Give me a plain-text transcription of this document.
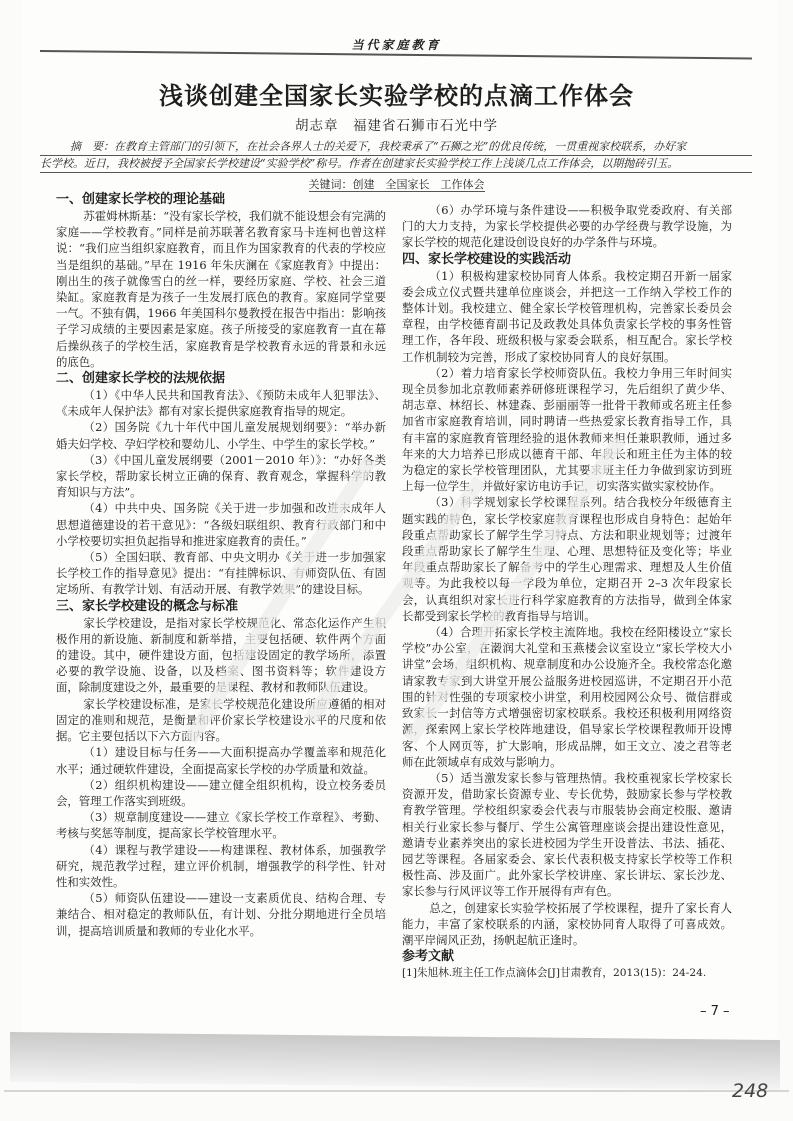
当代家庭教育
浅谈创建全国家长实验学校的点滴工作体会
胡志章　福建省石狮市石光中学
摘　要：在教育主管部门的引领下，在社会各界人士的关爱下，我校秉承了“石狮之光”的优良传统，一贯重视家校联系，办好家
长学校。近日，我校被授予全国家长学校建设“实验学校”称号。作者在创建家长实验学校工作上浅谈几点工作体会，以期抛砖引玉。
关键词：创建　全国家长　工作体会

一、创建家长学校的理论基础

苏霍姆林斯基：“没有家长学校，我们就不能设想会有完满的家庭——学校教育。”同样是前苏联著名教育家马卡连柯也曾这样说：“我们应当组织家庭教育，而且作为国家教育的代表的学校应当是组织的基础。”早在 1916 年朱庆澜在《家庭教育》中提出：刚出生的孩子就像雪白的丝一样，要经历家庭、学校、社会三道染缸。家庭教育是为孩子一生发展打底色的教育。家庭同学堂要一气。不独有偶，1966 年美国科尔曼教授在报告中指出：影响孩子学习成绩的主要因素是家庭。孩子所接受的家庭教育一直在幕后操纵孩子的学校生活，家庭教育是学校教育永远的背景和永远的底色。

二、创建家长学校的法规依据

（1）《中华人民共和国教育法》、《预防未成年人犯罪法》、《未成年人保护法》都有对家长提供家庭教育指导的规定。

（2）国务院《九十年代中国儿童发展规划纲要》：“举办新婚夫妇学校、孕妇学校和婴幼儿、小学生、中学生的家长学校。”

（3）《中国儿童发展纲要（2001－2010 年）》：“办好各类家长学校，帮助家长树立正确的保育、教育观念，掌握科学的教育知识与方法”。

（4）中共中央、国务院《关于进一步加强和改进未成年人思想道德建设的若干意见》：“各级妇联组织、教育行政部门和中小学校要切实担负起指导和推进家庭教育的责任。”

（5）全国妇联、教育部、中央文明办《关于进一步加强家长学校工作的指导意见》提出：“有挂牌标识、有师资队伍、有固定场所、有教学计划、有活动开展、有教学效果”的建设目标。

三、家长学校建设的概念与标准

家长学校建设，是指对家长学校规范化、常态化运作产生积极作用的新设施、新制度和新举措，主要包括硬、软件两个方面的建设。其中，硬件建设方面，包括建设固定的教学场所，添置必要的教学设施、设备，以及档案、图书资料等；软件建设方面，除制度建设之外，最重要的是课程、教材和教师队伍建设。

家长学校建设标准，是家长学校规范化建设所应遵循的相对固定的准则和规范，是衡量和评价家长学校建设水平的尺度和依据。它主要包括以下六方面内容。

（1）建设目标与任务——大面积提高办学覆盖率和规范化水平；通过硬软件建设，全面提高家长学校的办学质量和效益。

（2）组织机构建设——建立健全组织机构，设立校务委员会，管理工作落实到班级。

（3）规章制度建设——建立《家长学校工作章程》、考勤、考核与奖惩等制度，提高家长学校管理水平。

（4）课程与教学建设——构建课程、教材体系，加强教学研究，规范教学过程，建立评价机制，增强教学的科学性、针对性和实效性。

（5）师资队伍建设——建设一支素质优良、结构合理、专兼结合、相对稳定的教师队伍，有计划、分批分期地进行全员培训，提高培训质量和教师的专业化水平。

（6）办学环境与条件建设——积极争取党委政府、有关部门的大力支持，为家长学校提供必要的办学经费与教学设施，为家长学校的规范化建设创设良好的办学条件与环境。

四、家长学校建设的实践活动

（1）积极构建家校协同育人体系。我校定期召开新一届家委会成立仪式暨共建单位座谈会，并把这一工作纳入学校工作的整体计划。我校建立、健全家长学校管理机构，完善家长委员会章程，由学校德育副书记及政教处具体负责家长学校的事务性管理工作，各年段、班级积极与家委会联系，相互配合。家长学校工作机制较为完善，形成了家校协同育人的良好氛围。

（2）着力培育家长学校师资队伍。我校力争用三年时间实现全员参加北京教师素养研修班课程学习，先后组织了黄少华、胡志章、林绍长、林建森、彭丽丽等一批骨干教师或名班主任参加省市家庭教育培训，同时聘请一些热爱家长教育指导工作，具有丰富的家庭教育管理经验的退休教师来担任兼职教师，通过多年来的大力培养已形成以德育干部、年段长和班主任为主体的较为稳定的家长学校管理团队，尤其要求班主任力争做到家访到班上每一位学生，并做好家访电访手记，切实落实做实家校协作。

（3）科学规划家长学校课程系列。结合我校分年级德育主题实践的特色，家长学校家庭教育课程也形成自身特色：起始年段重点帮助家长了解学生学习特点、方法和职业规划等；过渡年段重点帮助家长了解学生生理、心理、思想特征及变化等；毕业年段重点帮助家长了解备考中的学生心理需求、理想及人生价值观等。为此我校以每一学段为单位，定期召开 2–3 次年段家长会，认真组织对家长进行科学家庭教育的方法指导，做到全体家长都受到家长学校的教育指导与培训。

（4）合理开拓家长学校主流阵地。我校在经阳楼设立“家长学校”办公室，在濲润大礼堂和玉燕楼会议室设立“家长学校大小讲堂”会场，组织机构、规章制度和办公设施齐全。我校常态化邀请家教专家到大讲堂开展公益服务进校园巡讲，不定期召开小范围的针对性强的专项家校小讲堂，利用校园网公众号、微信群或致家长一封信等方式增强密切家校联系。我校还积极利用网络资源，探索网上家长学校阵地建设，倡导家长学校课程教师开设博客、个人网页等，扩大影响，形成品牌，如王文立、凌之君等老师在此领域卓有成效与影响力。

（5）适当激发家长参与管理热情。我校重视家长学校家长资源开发，借助家长资源专业、专长优势，鼓励家长参与学校教育教学管理。学校组织家委会代表与市服装协会商定校服、邀请相关行业家长参与餐厅、学生公寓管理座谈会提出建设性意见，邀请专业素养突出的家长进校园为学生开设普法、书法、插花、园艺等课程。各届家委会、家长代表积极支持家长学校等工作积极性高、涉及面广。此外家长学校讲座、家长讲坛、家长沙龙、家长参与行风评议等工作开展得有声有色。

总之，创建家长实验学校拓展了学校课程，提升了家长育人能力，丰富了家校联系的内涵，家校协同育人取得了可喜成效。潮平岸阔风正劲，扬帆起航正逢时。

参考文献

[1]朱旭林.班主任工作点滴体会[J]甘肃教育，2013(15)：24-24.

– 7 –
248
